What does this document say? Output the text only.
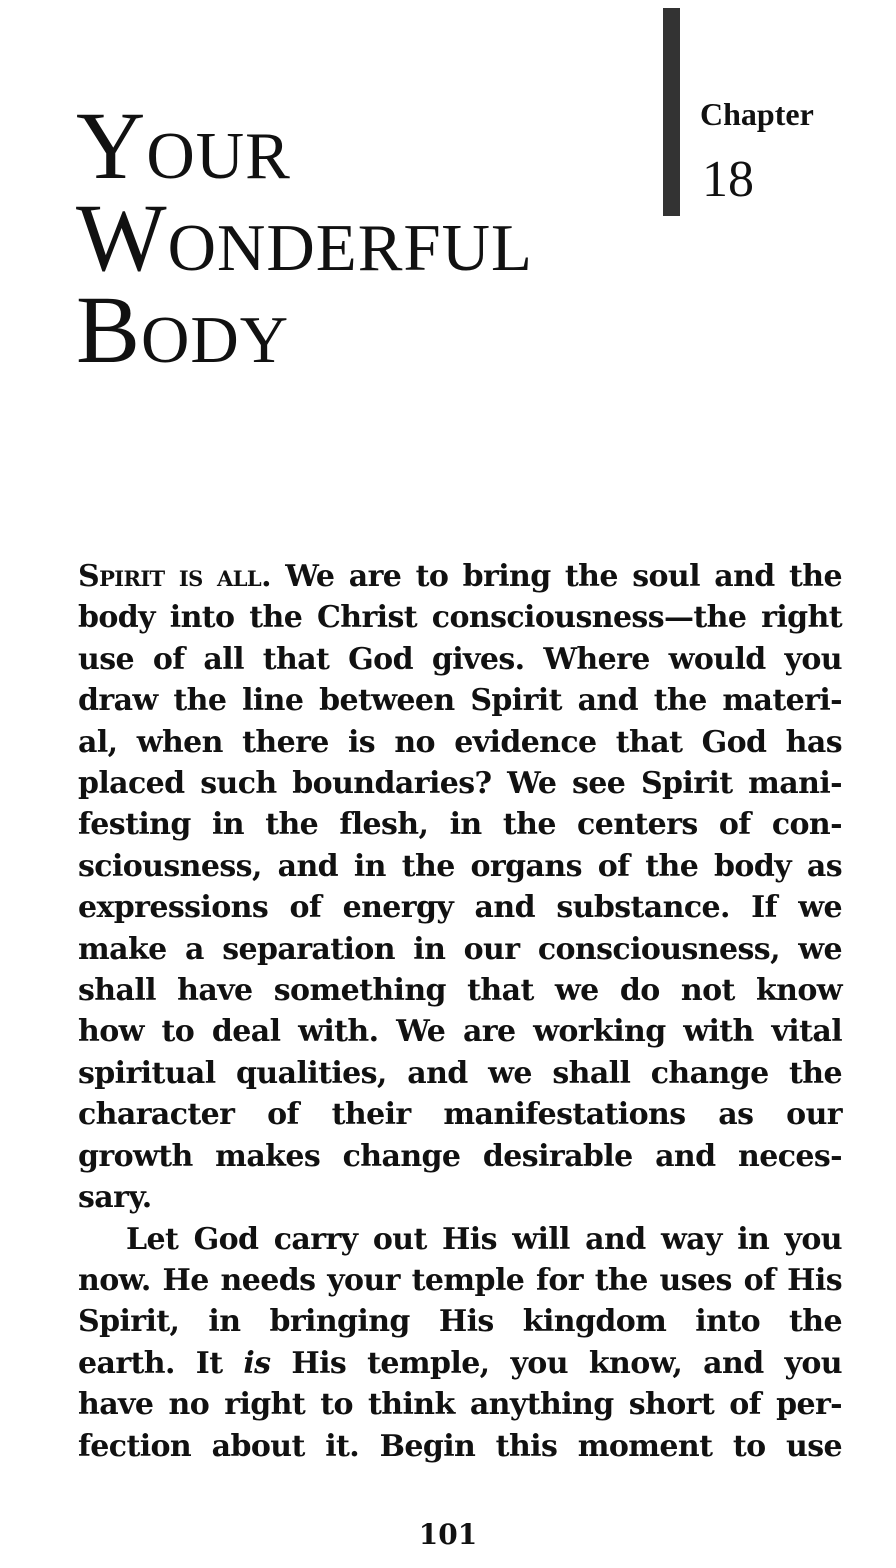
Your
Wonderful
Body
Chapter
18
Spirit is all. We are to bring the soul and the
body into the Christ consciousness—the right
use of all that God gives. Where would you
draw the line between Spirit and the materi-
al, when there is no evidence that God has
placed such boundaries? We see Spirit mani-
festing in the flesh, in the centers of con-
sciousness, and in the organs of the body as
expressions of energy and substance. If we
make a separation in our consciousness, we
shall have something that we do not know
how to deal with. We are working with vital
spiritual qualities, and we shall change the
character of their manifestations as our
growth makes change desirable and neces-
sary.
Let God carry out His will and way in you
now. He needs your temple for the uses of His
Spirit, in bringing His kingdom into the
earth. It is His temple, you know, and you
have no right to think anything short of per-
fection about it. Begin this moment to use
101
